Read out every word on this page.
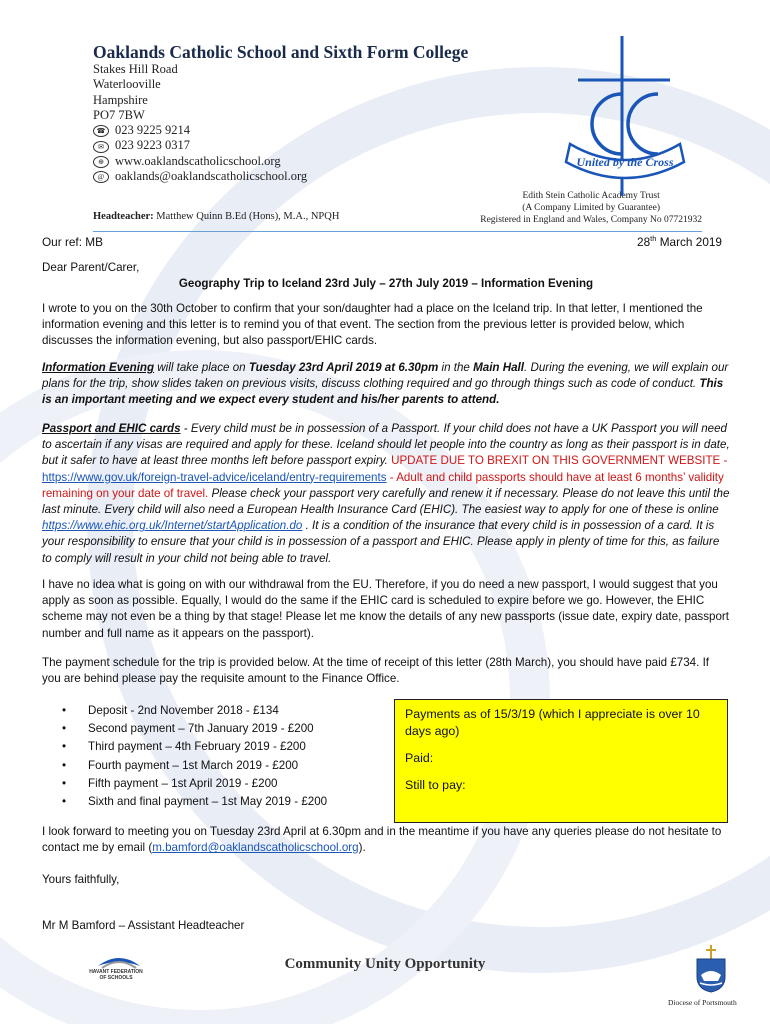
Oaklands Catholic School and Sixth Form College
Stakes Hill Road
Waterlooville
Hampshire
PO7 7BW
☎ 023 9225 9214
✉ 023 9223 0317
⊕ www.oaklandscatholicschool.org
@ oaklands@oaklandscatholicschool.org
Headteacher: Matthew Quinn B.Ed (Hons), M.A., NPQH
Edith Stein Catholic Academy Trust
(A Company Limited by Guarantee)
Registered in England and Wales, Company No 07721932
United by the Cross
Our ref: MB	28th March 2019
Dear Parent/Carer,
Geography Trip to Iceland 23rd July – 27th July 2019 – Information Evening

I wrote to you on the 30th October to confirm that your son/daughter had a place on the Iceland trip. In that letter, I mentioned the information evening and this letter is to remind you of that event. The section from the previous letter is provided below, which discusses the information evening, but also passport/EHIC cards.

Information Evening will take place on Tuesday 23rd April 2019 at 6.30pm in the Main Hall. During the evening, we will explain our plans for the trip, show slides taken on previous visits, discuss clothing required and go through things such as code of conduct. This is an important meeting and we expect every student and his/her parents to attend.

Passport and EHIC cards - Every child must be in possession of a Passport. If your child does not have a UK Passport you will need to ascertain if any visas are required and apply for these. Iceland should let people into the country as long as their passport is in date, but it safer to have at least three months left before passport expiry. UPDATE DUE TO BREXIT ON THIS GOVERNMENT WEBSITE - https://www.gov.uk/foreign-travel-advice/iceland/entry-requirements - Adult and child passports should have at least 6 months’ validity remaining on your date of travel. Please check your passport very carefully and renew it if necessary. Please do not leave this until the last minute. Every child will also need a European Health Insurance Card (EHIC). The easiest way to apply for one of these is online https://www.ehic.org.uk/Internet/startApplication.do . It is a condition of the insurance that every child is in possession of a card. It is your responsibility to ensure that your child is in possession of a passport and EHIC. Please apply in plenty of time for this, as failure to comply will result in your child not being able to travel.

I have no idea what is going on with our withdrawal from the EU. Therefore, if you do need a new passport, I would suggest that you apply as soon as possible. Equally, I would do the same if the EHIC card is scheduled to expire before we go. However, the EHIC scheme may not even be a thing by that stage! Please let me know the details of any new passports (issue date, expiry date, passport number and full name as it appears on the passport).

The payment schedule for the trip is provided below. At the time of receipt of this letter (28th March), you should have paid £734. If you are behind please pay the requisite amount to the Finance Office.

• Deposit - 2nd November 2018 - £134
• Second payment – 7th January 2019 - £200
• Third payment – 4th February 2019 - £200
• Fourth payment – 1st March 2019 - £200
• Fifth payment – 1st April 2019 - £200
• Sixth and final payment – 1st May 2019 - £200
Payments as of 15/3/19 (which I appreciate is over 10 days ago)
Paid:
Still to pay:

I look forward to meeting you on Tuesday 23rd April at 6.30pm and in the meantime if you have any queries please do not hesitate to contact me by email (m.bamford@oaklandscatholicschool.org).

Yours faithfully,
Mr M Bamford – Assistant Headteacher
HAVANT FEDERATION OF SCHOOLS
Community Unity Opportunity
Diocese of Portsmouth
